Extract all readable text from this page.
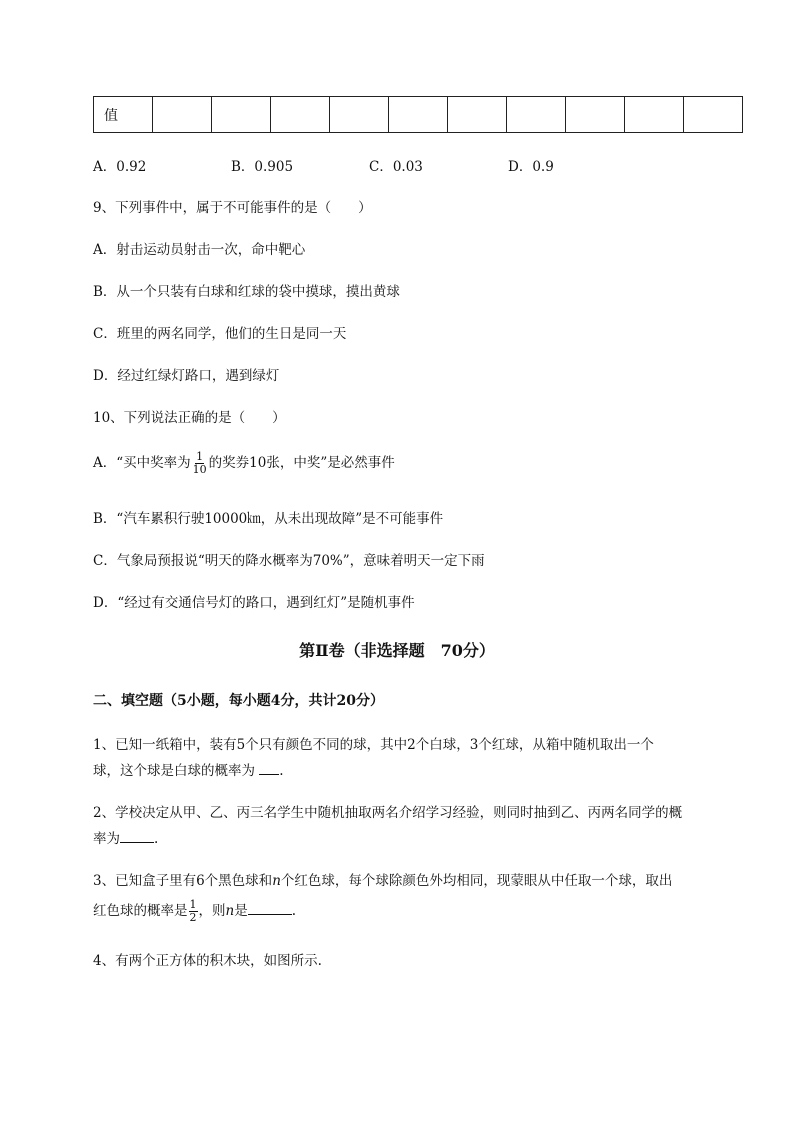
值										
A．0.92	B．0.905	C．0.03	D．0.9
9、下列事件中，属于不可能事件的是（　　）
A．射击运动员射击一次，命中靶心
B．从一个只装有白球和红球的袋中摸球，摸出黄球
C．班里的两名同学，他们的生日是同一天
D．经过红绿灯路口，遇到绿灯
10、下列说法正确的是（　　）
A．“买中奖率为 $\frac{1}{10}$ 的奖券10张，中奖”是必然事件
B．“汽车累积行驶10000㎞，从未出现故障”是不可能事件
C．气象局预报说“明天的降水概率为70%”，意味着明天一定下雨
D．“经过有交通信号灯的路口，遇到红灯”是随机事件
第Ⅱ卷（非选择题　70分）
二、填空题（5小题，每小题4分，共计20分）
1、已知一纸箱中，装有5个只有颜色不同的球，其中2个白球，3个红球，从箱中随机取出一个
球，这个球是白球的概率为 .
2、学校决定从甲、乙、丙三名学生中随机抽取两名介绍学习经验，则同时抽到乙、丙两名同学的概
率为	.
3、已知盒子里有6个黑色球和n个红色球，每个球除颜色外均相同，现蒙眼从中任取一个球，取出
红色球的概率是 $\frac{1}{2}$ ，则n是	.
4、有两个正方体的积木块，如图所示.
